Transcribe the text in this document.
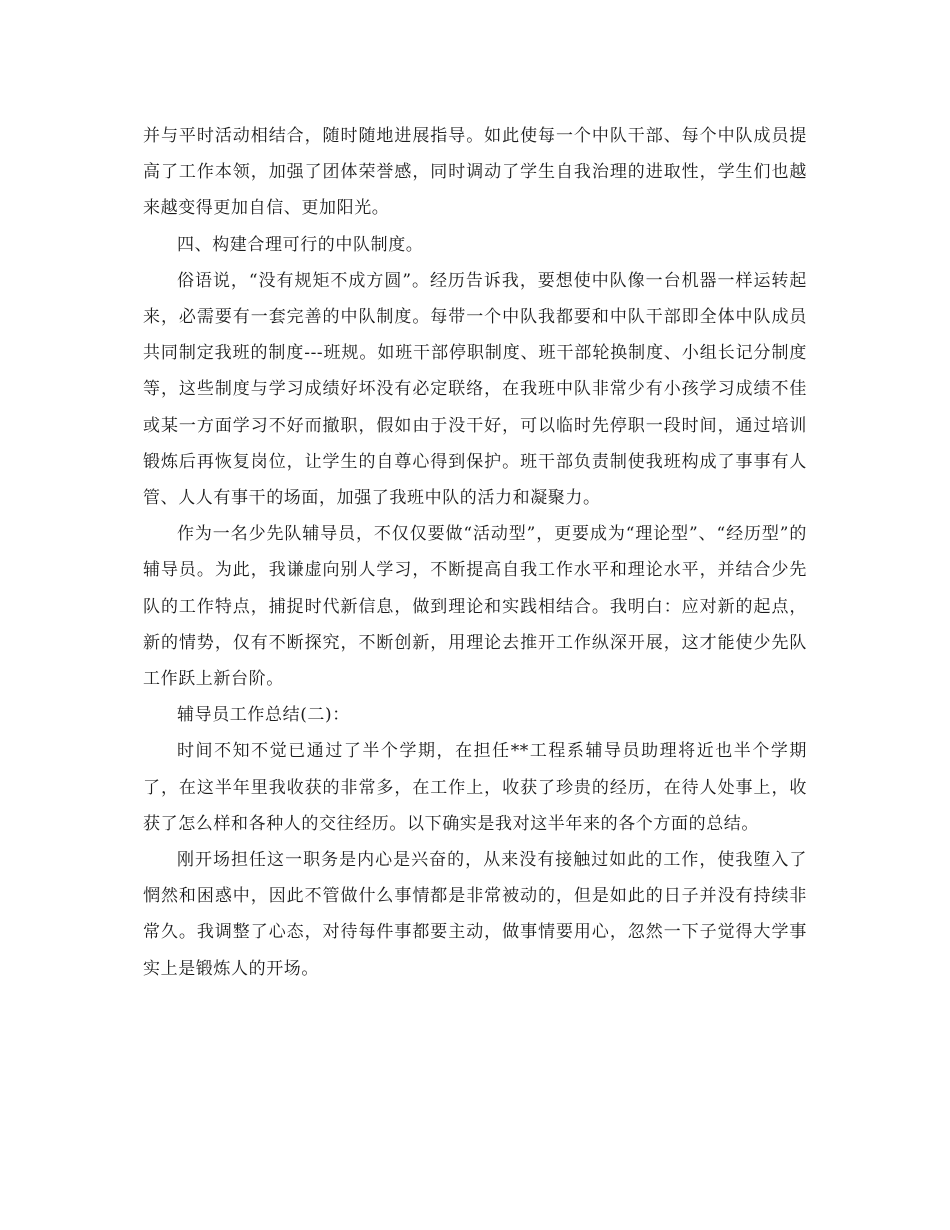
并与平时活动相结合，随时随地进展指导。如此使每一个中队干部、每个中队成员提高了工作本领，加强了团体荣誉感，同时调动了学生自我治理的进取性，学生们也越来越变得更加自信、更加阳光。

四、构建合理可行的中队制度。

俗语说，“没有规矩不成方圆”。经历告诉我，要想使中队像一台机器一样运转起来，必需要有一套完善的中队制度。每带一个中队我都要和中队干部即全体中队成员共同制定我班的制度---班规。如班干部停职制度、班干部轮换制度、小组长记分制度等，这些制度与学习成绩好坏没有必定联络，在我班中队非常少有小孩学习成绩不佳或某一方面学习不好而撤职，假如由于没干好，可以临时先停职一段时间，通过培训锻炼后再恢复岗位，让学生的自尊心得到保护。班干部负责制使我班构成了事事有人管、人人有事干的场面，加强了我班中队的活力和凝聚力。

作为一名少先队辅导员，不仅仅要做“活动型”，更要成为“理论型”、“经历型”的辅导员。为此，我谦虚向别人学习，不断提高自我工作水平和理论水平，并结合少先队的工作特点，捕捉时代新信息，做到理论和实践相结合。我明白：应对新的起点，新的情势，仅有不断探究，不断创新，用理论去推开工作纵深开展，这才能使少先队工作跃上新台阶。

辅导员工作总结(二)：

时间不知不觉已通过了半个学期，在担任**工程系辅导员助理将近也半个学期了，在这半年里我收获的非常多，在工作上，收获了珍贵的经历，在待人处事上，收获了怎么样和各种人的交往经历。以下确实是我对这半年来的各个方面的总结。

刚开场担任这一职务是内心是兴奋的，从来没有接触过如此的工作，使我堕入了惘然和困惑中，因此不管做什么事情都是非常被动的，但是如此的日子并没有持续非常久。我调整了心态，对待每件事都要主动，做事情要用心，忽然一下子觉得大学事实上是锻炼人的开场。
